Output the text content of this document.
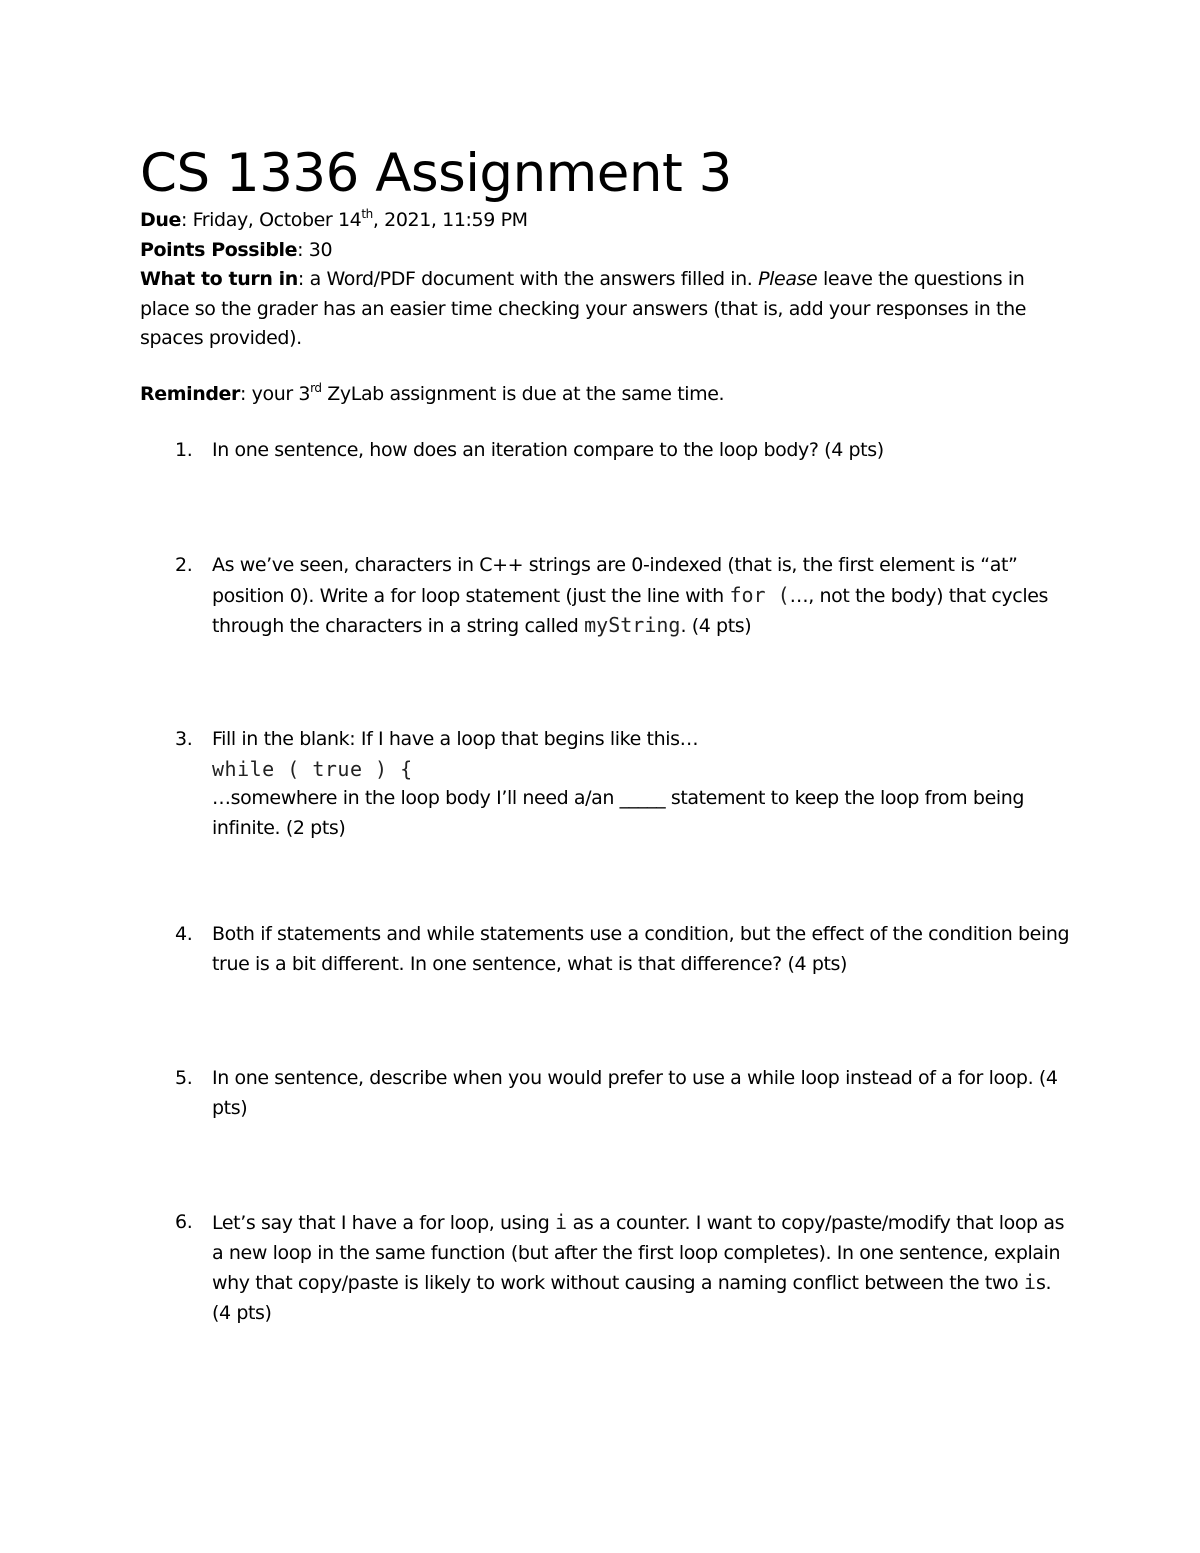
CS 1336 Assignment 3
Due: Friday, October 14th, 2021, 11:59 PM
Points Possible: 30
What to turn in: a Word/PDF document with the answers filled in. Please leave the questions in place so the grader has an easier time checking your answers (that is, add your responses in the spaces provided).
Reminder: your 3rd ZyLab assignment is due at the same time.
1.	In one sentence, how does an iteration compare to the loop body? (4 pts)
2.	As we’ve seen, characters in C++ strings are 0-indexed (that is, the first element is “at” position 0). Write a for loop statement (just the line with for (…, not the body) that cycles through the characters in a string called myString. (4 pts)
3.	Fill in the blank: If I have a loop that begins like this…
while ( true ) {
…somewhere in the loop body I’ll need a/an _____ statement to keep the loop from being infinite. (2 pts)
4.	Both if statements and while statements use a condition, but the effect of the condition being true is a bit different. In one sentence, what is that difference? (4 pts)
5.	In one sentence, describe when you would prefer to use a while loop instead of a for loop. (4 pts)
6.	Let’s say that I have a for loop, using i as a counter. I want to copy/paste/modify that loop as a new loop in the same function (but after the first loop completes). In one sentence, explain why that copy/paste is likely to work without causing a naming conflict between the two is. (4 pts)
